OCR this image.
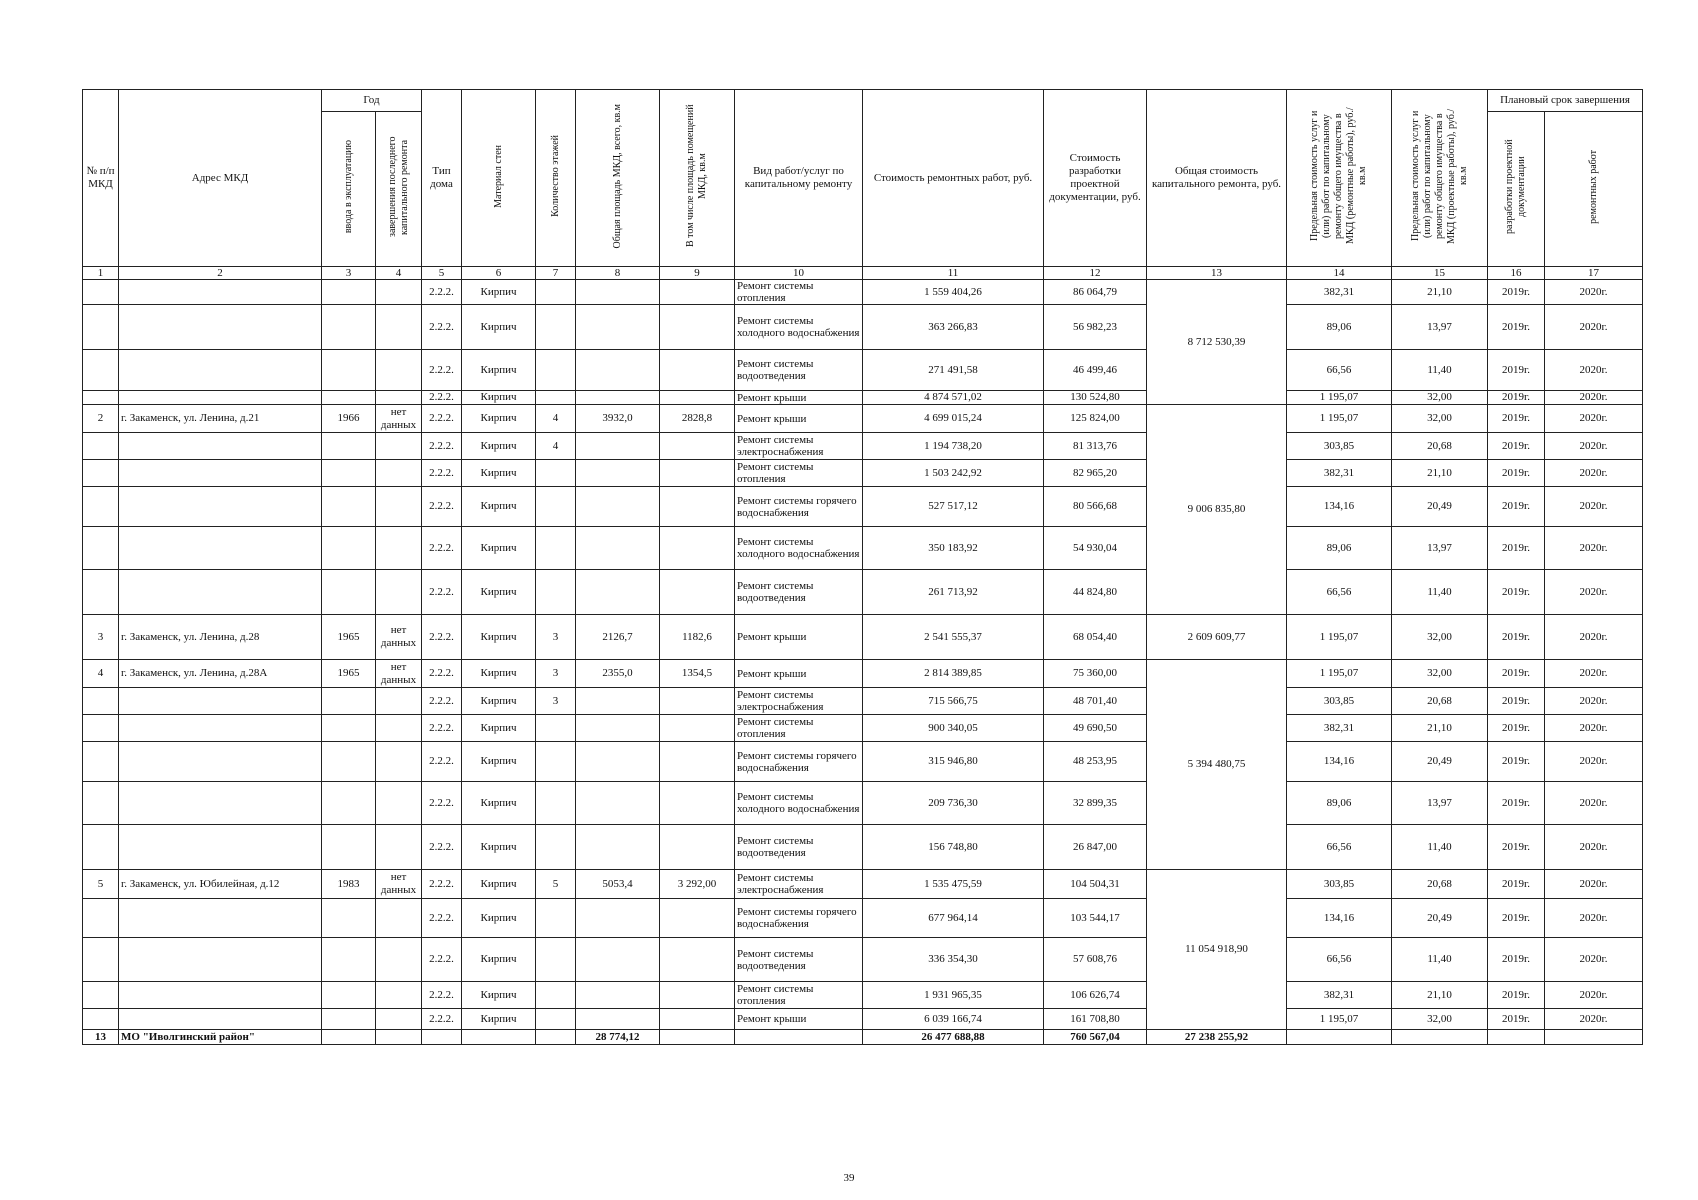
№ п/п МКД	Адрес МКД	Год		Тип дома	Материал стен	Количество этажей	Общая площадь МКД, всего, кв.м	В том числе площадь помещений МКД, кв.м	Вид работ/услуг по капитальному ремонту	Стоимость ремонтных работ, руб.	Стоимость разработки проектной документации, руб.	Общая стоимость капитального ремонта, руб.	Предельная стоимость услуг и (или) работ по капитальному ремонту общего имущества в МКД (ремонтные работы), руб./кв.м	Предельная стоимость услуг и (или) работ по капитальному ремонту общего имущества в МКД (проектные работы), руб./кв.м	Плановый срок завершения	
		ввода в эксплуатацию	завершения последнего капитального ремонта												разработки проектной документации	ремонтных работ
1	2	3	4	5	6	7	8	9	10	11	12	13	14	15	16	17
				2.2.2.	Кирпич				Ремонт системы отопления	1 559 404,26	86 064,79	8 712 530,39	382,31	21,10	2019г.	2020г.
				2.2.2.	Кирпич				Ремонт системы холодного водоснабжения	363 266,83	56 982,23		89,06	13,97	2019г.	2020г.
				2.2.2.	Кирпич				Ремонт системы водоотведения	271 491,58	46 499,46		66,56	11,40	2019г.	2020г.
				2.2.2.	Кирпич				Ремонт крыши	4 874 571,02	130 524,80		1 195,07	32,00	2019г.	2020г.
2	г. Закаменск, ул. Ленина, д.21	1966	нет данных	2.2.2.	Кирпич	4	3932,0	2828,8	Ремонт крыши	4 699 015,24	125 824,00	9 006 835,80	1 195,07	32,00	2019г.	2020г.
				2.2.2.	Кирпич	4			Ремонт системы электроснабжения	1 194 738,20	81 313,76		303,85	20,68	2019г.	2020г.
				2.2.2.	Кирпич				Ремонт системы отопления	1 503 242,92	82 965,20		382,31	21,10	2019г.	2020г.
				2.2.2.	Кирпич				Ремонт системы горячего водоснабжения	527 517,12	80 566,68		134,16	20,49	2019г.	2020г.
				2.2.2.	Кирпич				Ремонт системы холодного водоснабжения	350 183,92	54 930,04		89,06	13,97	2019г.	2020г.
				2.2.2.	Кирпич				Ремонт системы водоотведения	261 713,92	44 824,80		66,56	11,40	2019г.	2020г.
3	г. Закаменск, ул. Ленина, д.28	1965	нет данных	2.2.2.	Кирпич	3	2126,7	1182,6	Ремонт крыши	2 541 555,37	68 054,40	2 609 609,77	1 195,07	32,00	2019г.	2020г.
4	г. Закаменск, ул. Ленина, д.28А	1965	нет данных	2.2.2.	Кирпич	3	2355,0	1354,5	Ремонт крыши	2 814 389,85	75 360,00	5 394 480,75	1 195,07	32,00	2019г.	2020г.
				2.2.2.	Кирпич	3			Ремонт системы электроснабжения	715 566,75	48 701,40		303,85	20,68	2019г.	2020г.
				2.2.2.	Кирпич				Ремонт системы отопления	900 340,05	49 690,50		382,31	21,10	2019г.	2020г.
				2.2.2.	Кирпич				Ремонт системы горячего водоснабжения	315 946,80	48 253,95		134,16	20,49	2019г.	2020г.
				2.2.2.	Кирпич				Ремонт системы холодного водоснабжения	209 736,30	32 899,35		89,06	13,97	2019г.	2020г.
				2.2.2.	Кирпич				Ремонт системы водоотведения	156 748,80	26 847,00		66,56	11,40	2019г.	2020г.
5	г. Закаменск, ул. Юбилейная, д.12	1983	нет данных	2.2.2.	Кирпич	5	5053,4	3 292,00	Ремонт системы электроснабжения	1 535 475,59	104 504,31	11 054 918,90	303,85	20,68	2019г.	2020г.
				2.2.2.	Кирпич				Ремонт системы горячего водоснабжения	677 964,14	103 544,17		134,16	20,49	2019г.	2020г.
				2.2.2.	Кирпич				Ремонт системы водоотведения	336 354,30	57 608,76		66,56	11,40	2019г.	2020г.
				2.2.2.	Кирпич				Ремонт системы отопления	1 931 965,35	106 626,74		382,31	21,10	2019г.	2020г.
				2.2.2.	Кирпич				Ремонт крыши	6 039 166,74	161 708,80		1 195,07	32,00	2019г.	2020г.
13	МО "Иволгинский район"						28 774,12			26 477 688,88	760 567,04	27 238 255,92				
39
